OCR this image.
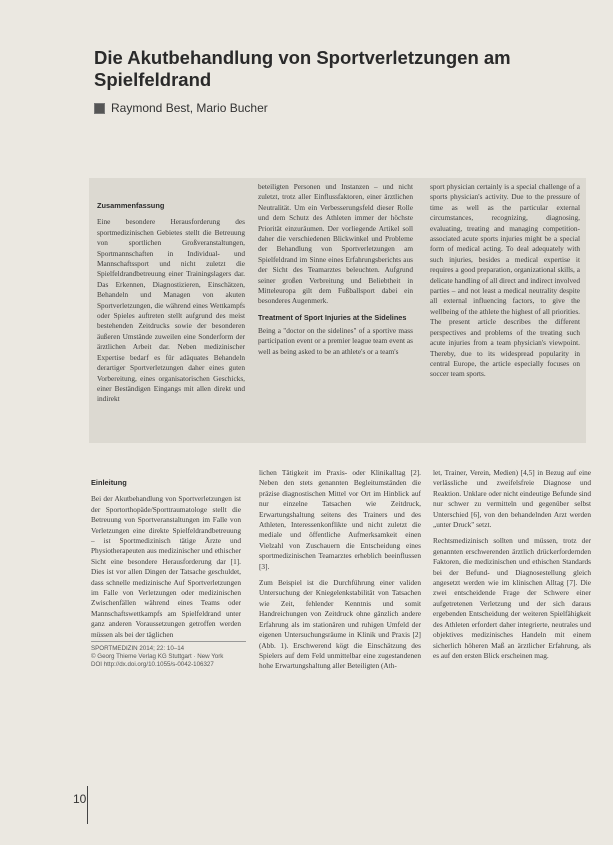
Die Akutbehandlung von Sportverletzungen am Spielfeldrand
Raymond Best, Mario Bucher
Zusammenfassung

Eine besondere Herausforderung des sportmedizinischen Gebietes stellt die Betreuung von sportlichen Großveranstaltungen, Sportmannschaften in Individual- und Mannschaftssport und nicht zuletzt die Spielfeldrandbetreuung einer Trainingslagers dar. Das Erkennen, Diagnostizieren, Einschätzen, Behandeln und Managen von akuten Sportverletzungen, die während eines Wettkampfs oder Spieles auftreten stellt aufgrund des meist bestehenden Zeitdrucks sowie der besonderen äußeren Umstände zuweilen eine Sonderform der ärztlichen Arbeit dar. Neben medizinischer Expertise bedarf es für adäquates Behandeln derartiger Sportverletzungen daher eines guten Vorbereitung, eines organisatorischen Geschicks, einer Beständigen Eingangs mit allen direkt und indirekt

beteiligten Personen und Instanzen – und nicht zuletzt, trotz aller Einflussfaktoren, einer ärztlichen Neutralität. Um ein Verbesserungsfeld dieser Rolle und dem Schutz des Athleten immer der höchste Priorität einzuräumen. Der vorliegende Artikel soll daher die verschiedenen Blickwinkel und Probleme der Behandlung von Sportverletzungen am Spielfeldrand im Sinne eines Erfahrungsberichts aus der Sicht des Teamarztes beleuchten. Aufgrund seiner großen Verbreitung und Beliebtheit in Mitteleuropa gilt dem Fußballsport dabei ein besonderes Augenmerk.

Treatment of Sport Injuries at the Sidelines

Being a "doctor on the sidelines" of a sportive mass participation event or a premier league team event as well as being asked to be an athlete's or a team's

sport physician certainly is a special challenge of a sports physician's activity. Due to the pressure of time as well as the particular external circumstances, recognizing, diagnosing, evaluating, treating and managing competition-associated acute sports injuries might be a special form of medical acting. To deal adequately with such injuries, besides a medical expertise it requires a good preparation, organizational skills, a delicate handling of all direct and indirect involved parties – and not least a medical neutrality despite all external influencing factors, to give the wellbeing of the athlete the highest of all priorities. The present article describes the different perspectives and problems of the treating such acute injuries from a team physician's viewpoint. Thereby, due to its widespread popularity in central Europe, the article especially focuses on soccer team sports.

Einleitung

Bei der Akutbehandlung von Sportverletzungen ist der Sportorthopäde/Sporttraumatologe stellt die Betreuung von Sportveranstaltungen im Falle von Verletzungen eine direkte Spielfeldrandbetreuung – ist Sportmedizinisch tätige Ärzte und Physiotherapeuten aus medizinischer und ethischer Sicht eine besondere Herausforderung dar [1]. Dies ist vor allen Dingen der Tatsache geschuldet, dass schnelle medizinische Auf Sportverletzungen im Falle von Verletzungen oder medizinischen Zwischenfällen während eines Teams oder Mannschaftswettkampfs am Spielfeldrand unter ganz anderen Voraussetzungen getroffen werden müssen als bei der täglichen

SPORTMEDIZIN 2014; 22: 10–14
© Georg Thieme Verlag KG Stuttgart · New York
DOI http://dx.doi.org/10.1055/s-0042-106327

lichen Tätigkeit im Praxis- oder Klinikalltag [2]. Neben den stets genannten Begleitumständen die präzise diagnostischen Mittel vor Ort im Hinblick auf nur einzelne Tatsachen wie Zeitdruck, Erwartungshaltung seitens des Trainers und des Athleten, Interessenkonflikte und nicht zuletzt die mediale und öffentliche Aufmerksamkeit einen Vielzahl von Zuschauern die Entscheidung eines sportmedizinischen Teamarztes erheblich beeinflussen [3].

Zum Beispiel ist die Durchführung einer validen Untersuchung der Kniegelenkstabilität von Tatsachen wie Zeit, fehlender Kenntnis und somit Handreichungen von Zeitdruck ohne gänzlich andere Erfahrung als im stationären und ruhigen Umfeld der eigenen Untersuchungsräume in Klinik und Praxis [2] (Abb. 1). Erschwerend kögt die Einschätzung des Spielers auf dem Feld unmittelbar eine zugestandenen hohe Erwartungshaltung aller Beteiligten (Ath-

let, Trainer, Verein, Medien) [4,5] in Bezug auf eine verlässliche und zweifelsfreie Diagnose und Reaktion. Unklare oder nicht eindeutige Befunde sind nur schwer zu vermitteln und gegenüber selbst Unterschied [6], von den behandelnden Arzt werden „unter Druck" setzt.

Rechtsmedizinisch sollten und müssen, trotz der genannten erschwerenden ärztlich drückerfordernden Faktoren, die medizinischen und ethischen Standards bei der Befund- und Diagnosestellung gleich angesetzt werden wie im klinischen Alltag [7]. Die zwei entscheidende Frage der Schwere einer aufgetretenen Verletzung und der sich daraus ergebenden Entscheidung der weiteren Spielfähigkeit des Athleten erfordert daher integrierte, neutrales und objektives medizinisches Handeln mit einem sicherlich höheren Maß an ärztlicher Erfahrung, als es auf den ersten Blick erscheinen mag.

10
